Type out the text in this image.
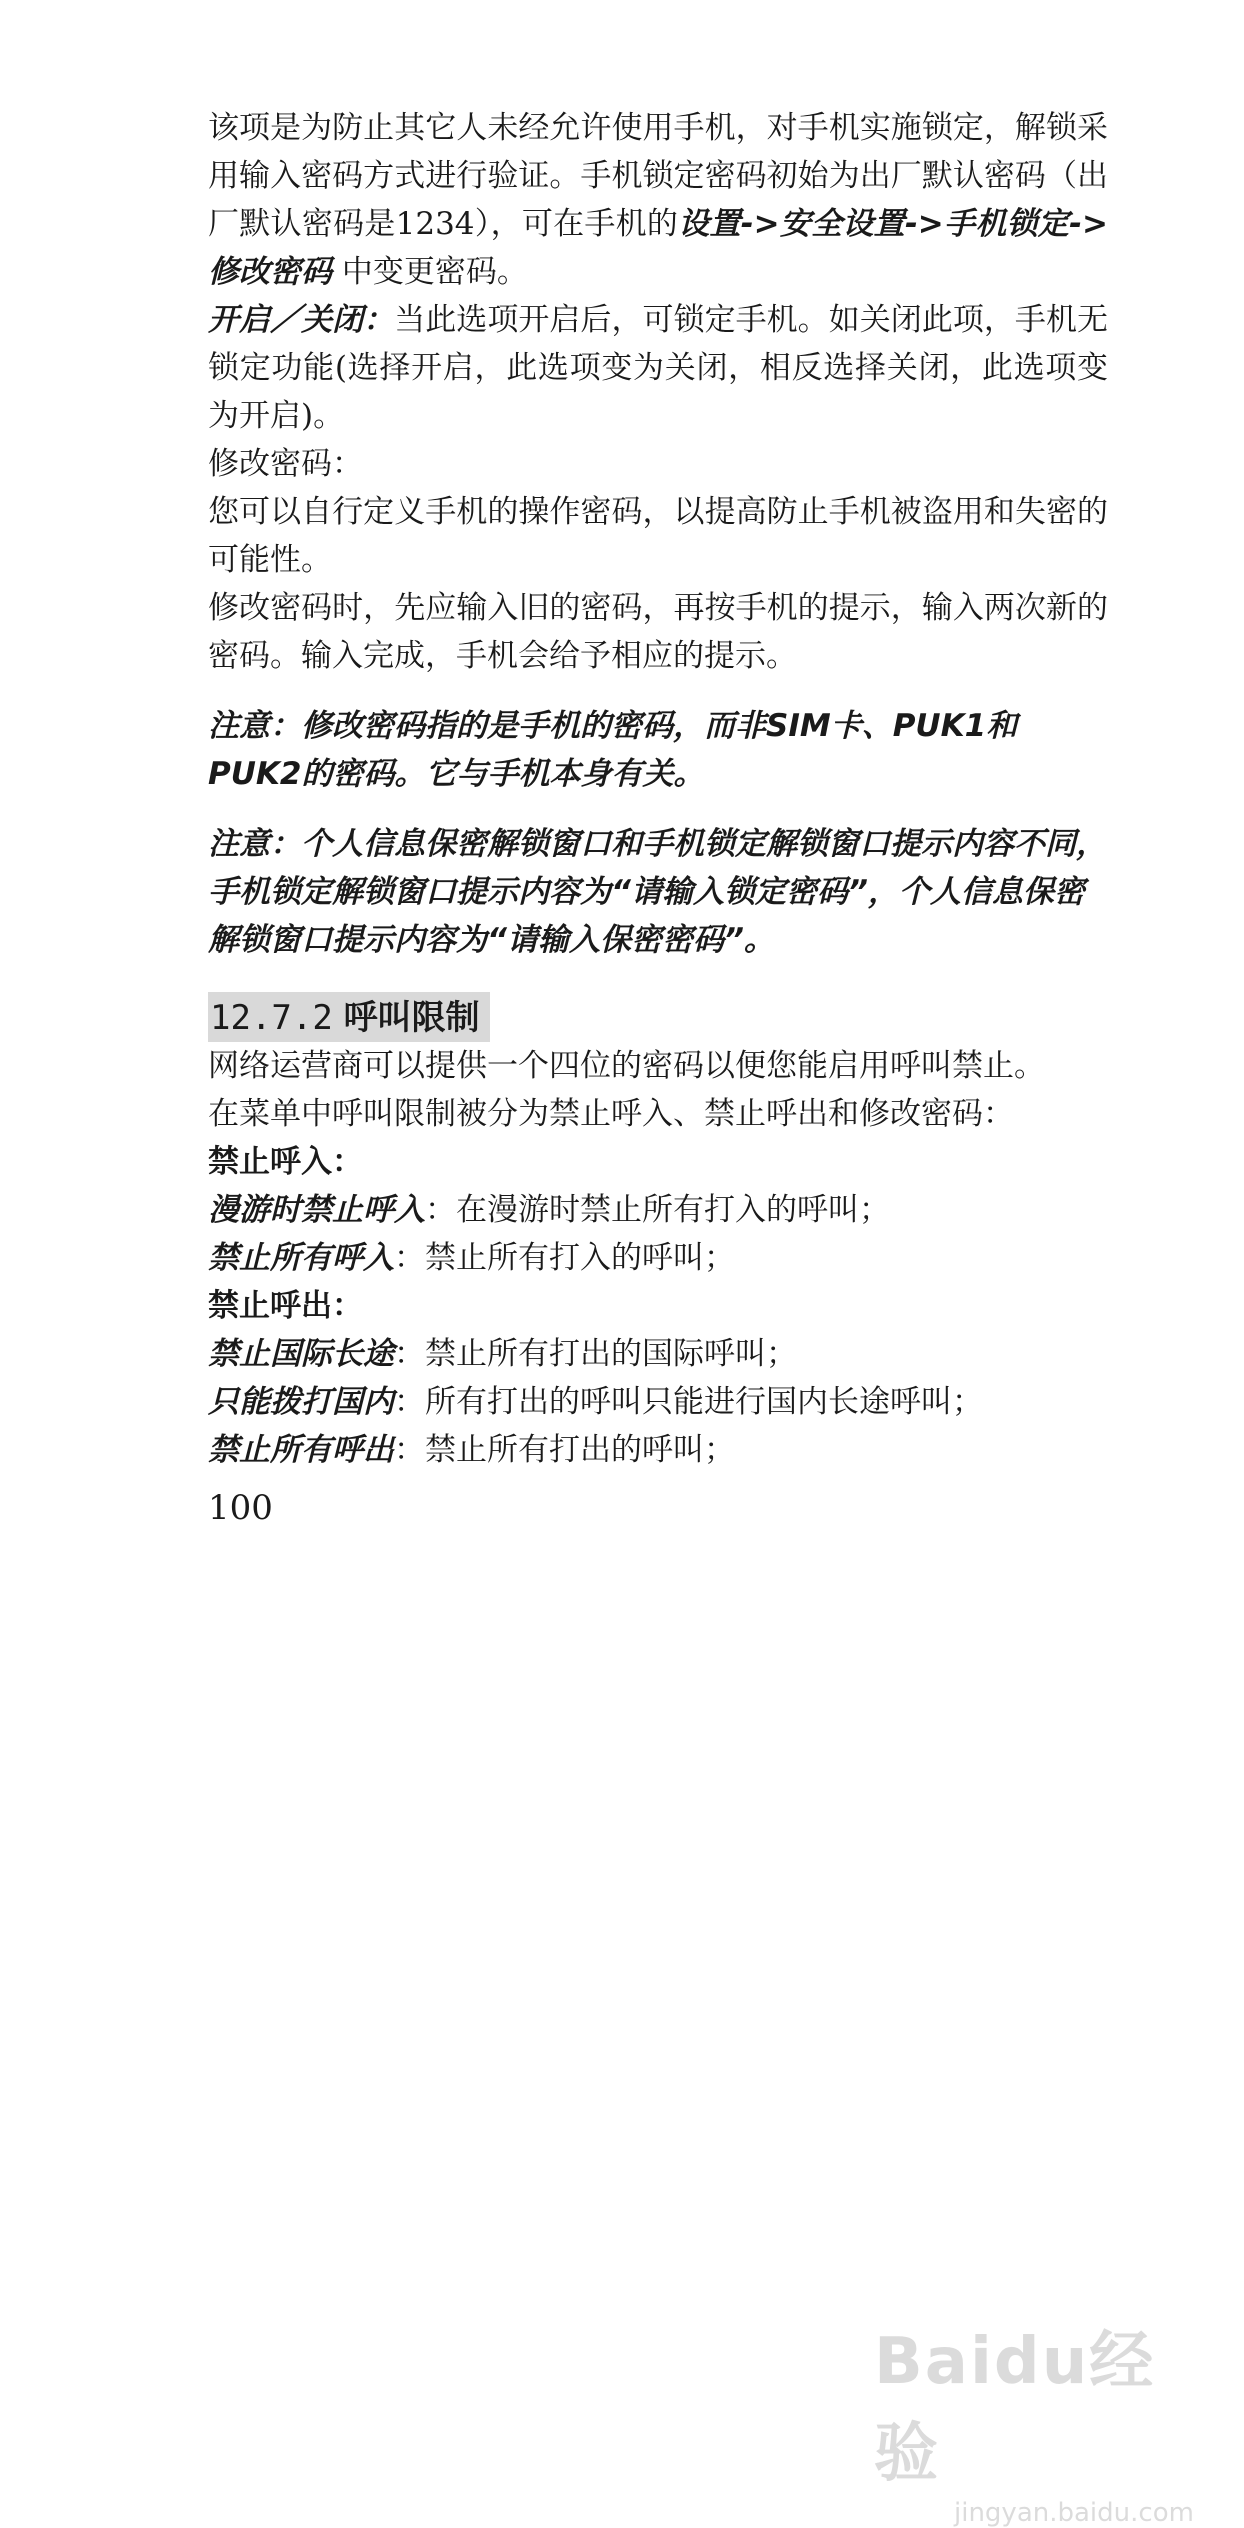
该项是为防止其它人未经允许使用手机，对手机实施锁定，解锁采用输入密码方式进行验证。手机锁定密码初始为出厂默认密码（出厂默认密码是1234），可在手机的设置->安全设置->手机锁定->修改密码 中变更密码。

开启／关闭：当此选项开启后，可锁定手机。如关闭此项，手机无锁定功能(选择开启，此选项变为关闭，相反选择关闭，此选项变为开启)。

修改密码：

您可以自行定义手机的操作密码，以提高防止手机被盗用和失密的可能性。

修改密码时，先应输入旧的密码，再按手机的提示，输入两次新的密码。输入完成，手机会给予相应的提示。

注意：修改密码指的是手机的密码，而非SIM卡、PUK1和PUK2的密码。它与手机本身有关。

注意：个人信息保密解锁窗口和手机锁定解锁窗口提示内容不同，手机锁定解锁窗口提示内容为“请输入锁定密码”，个人信息保密解锁窗口提示内容为“请输入保密密码”。

12.7.2 呼叫限制

网络运营商可以提供一个四位的密码以便您能启用呼叫禁止。

在菜单中呼叫限制被分为禁止呼入、禁止呼出和修改密码：

禁止呼入：

漫游时禁止呼入：在漫游时禁止所有打入的呼叫；

禁止所有呼入：禁止所有打入的呼叫；

禁止呼出：

禁止国际长途：禁止所有打出的国际呼叫；

只能拨打国内：所有打出的呼叫只能进行国内长途呼叫；

禁止所有呼出：禁止所有打出的呼叫；

100
Baidu经验
jingyan.baidu.com
